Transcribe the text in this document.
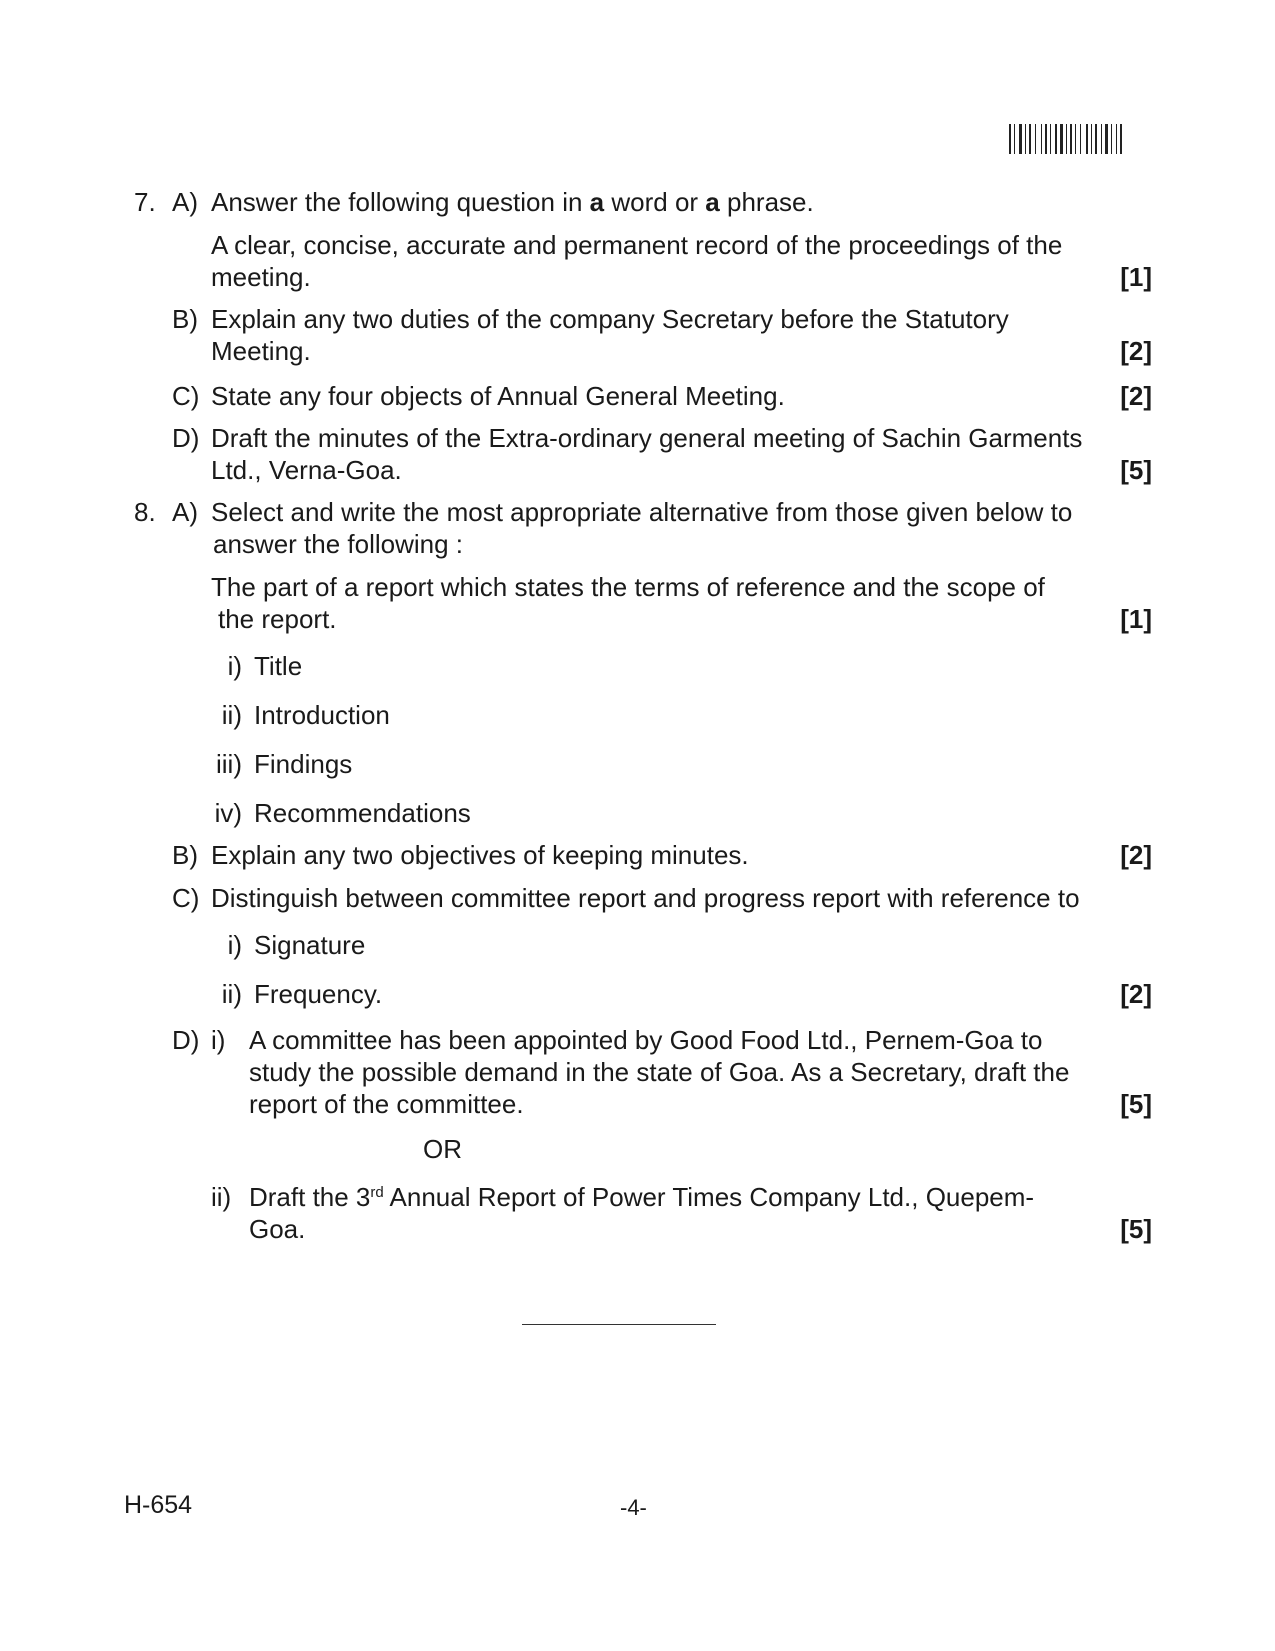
7. A) Answer the following question in a word or a phrase.
A clear, concise, accurate and permanent record of the proceedings of the
meeting.	[1]
B) Explain any two duties of the company Secretary before the Statutory
Meeting.	[2]
C) State any four objects of Annual General Meeting.	[2]
D) Draft the minutes of the Extra-ordinary general meeting of Sachin Garments
Ltd., Verna-Goa.	[5]
8. A) Select and write the most appropriate alternative from those given below to
answer the following :
The part of a report which states the terms of reference and the scope of
the report.	[1]
i) Title
ii) Introduction
iii) Findings
iv) Recommendations
B) Explain any two objectives of keeping minutes.	[2]
C) Distinguish between committee report and progress report with reference to
i) Signature
ii) Frequency.	[2]
D) i) A committee has been appointed by Good Food Ltd., Pernem-Goa to
study the possible demand in the state of Goa. As a Secretary, draft the
report of the committee.	[5]
OR
ii) Draft the 3rd Annual Report of Power Times Company Ltd., Quepem-
Goa.	[5]
H-654	-4-
